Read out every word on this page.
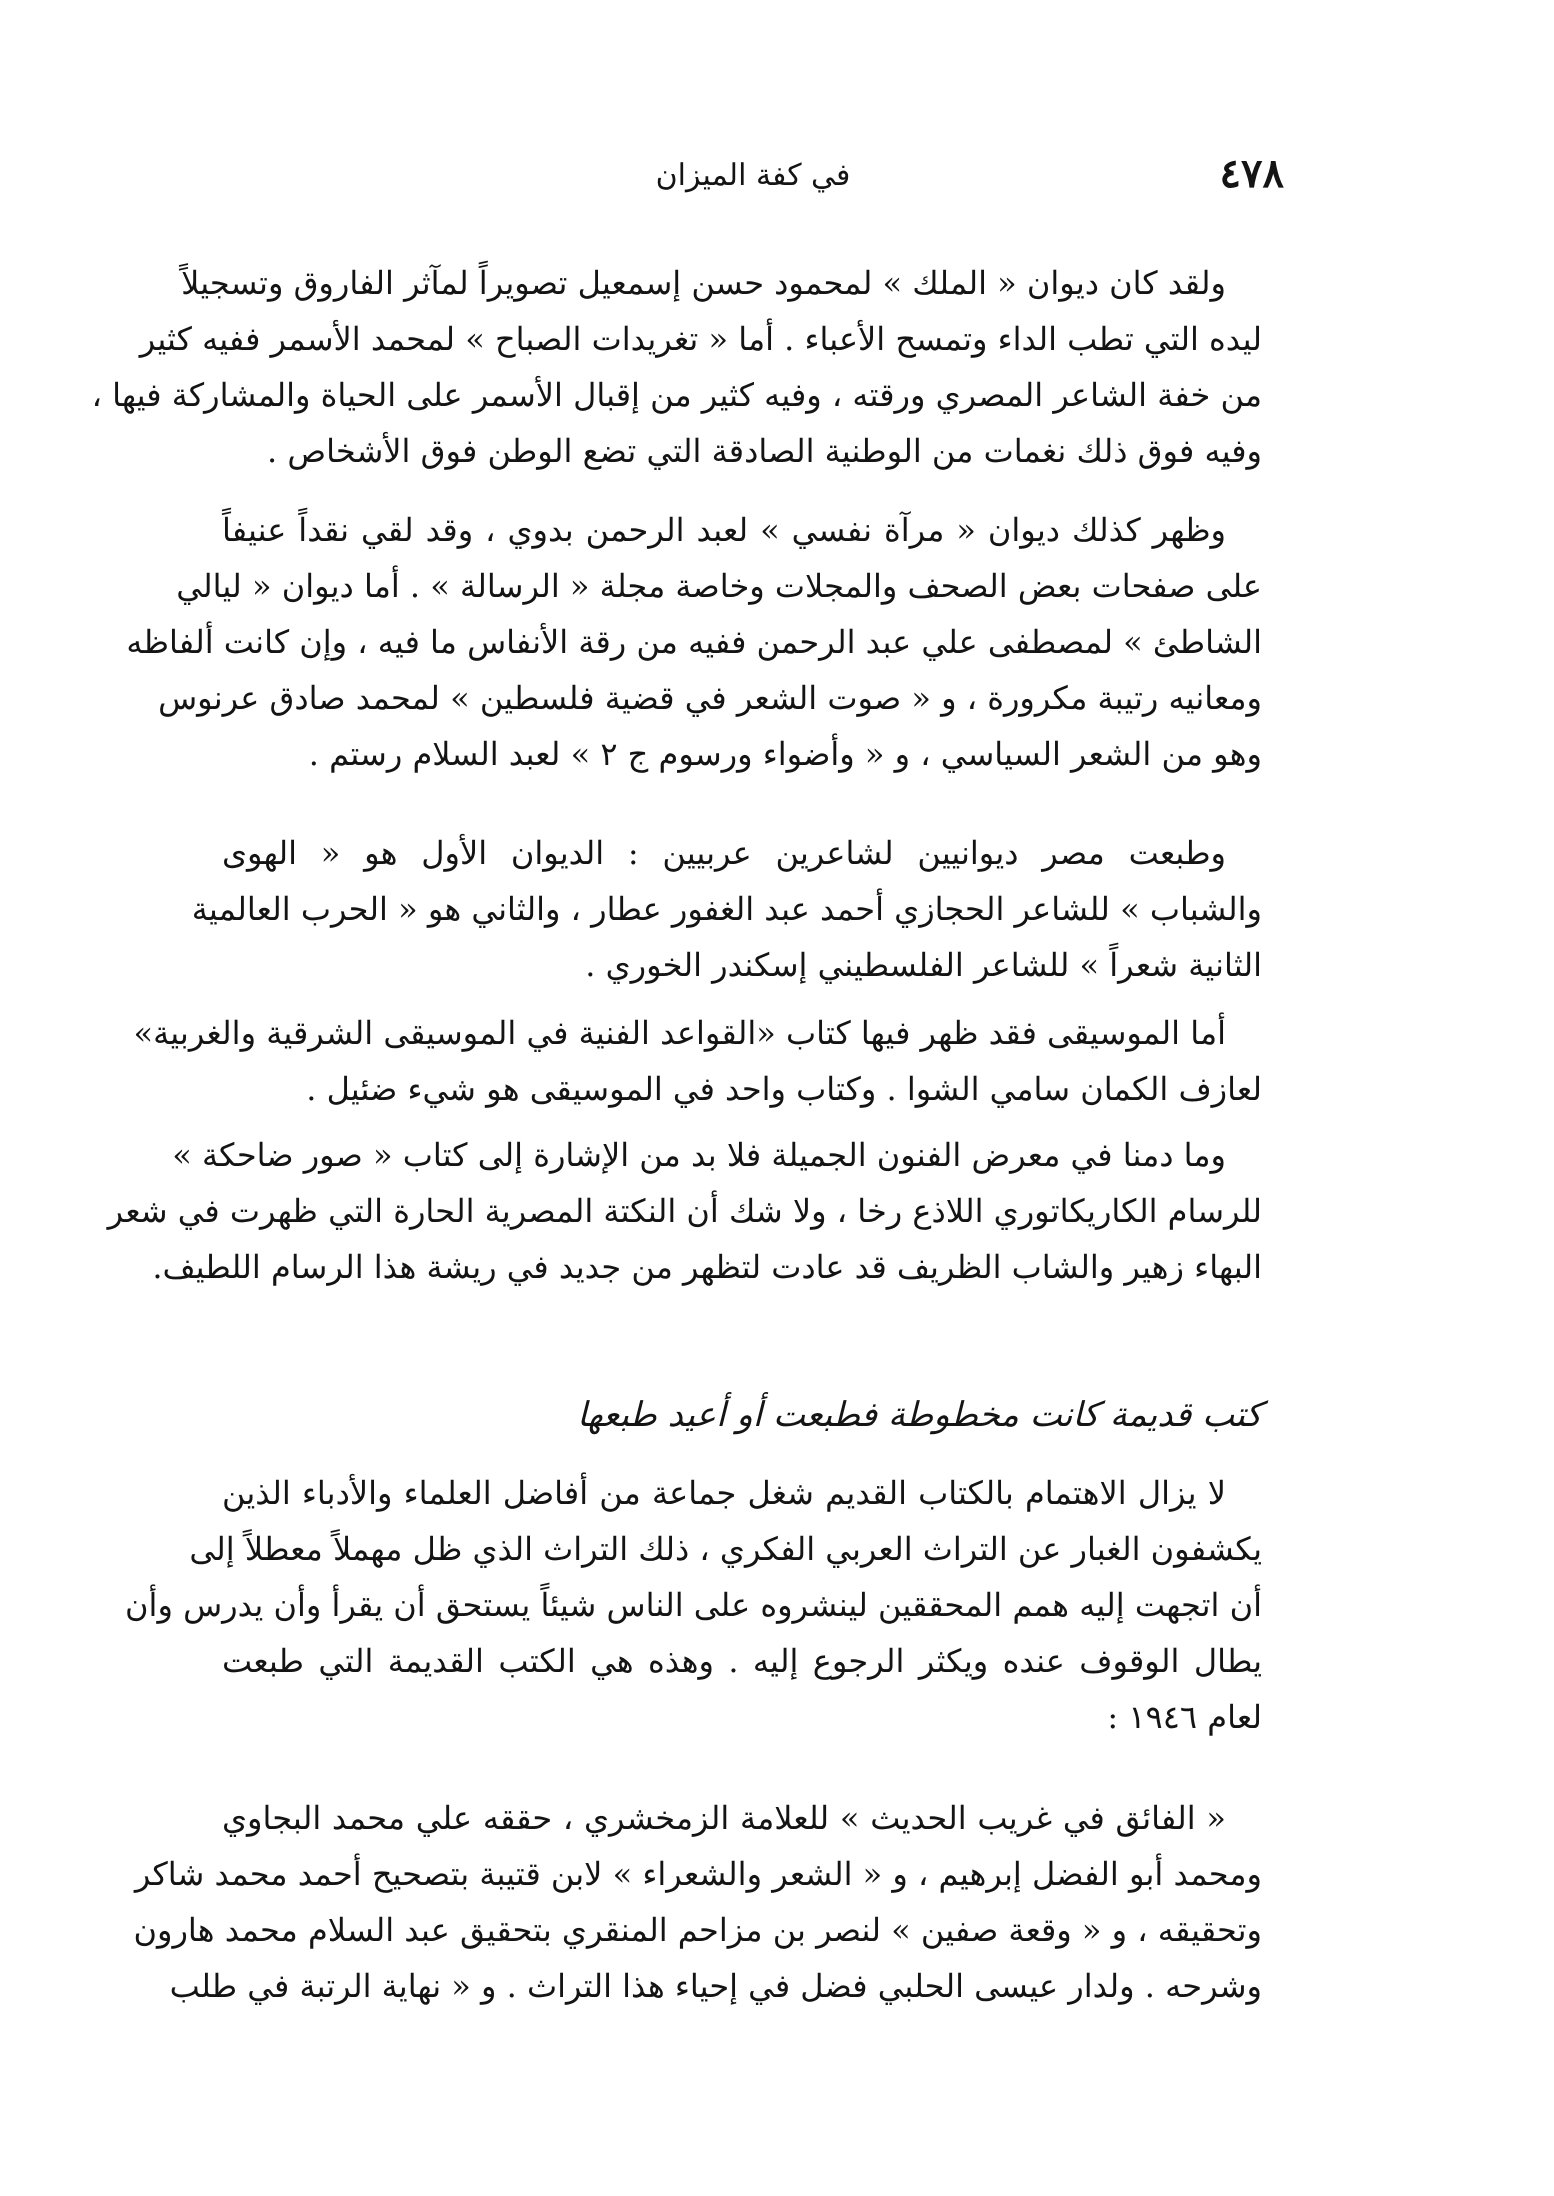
٤٧٨
في كفة الميزان
ولقد كان ديوان « الملك » لمحمود حسن إسمعيل تصويراً لمآثر الفاروق وتسجيلاً
ليده التي تطب الداء وتمسح الأعباء . أما « تغريدات الصباح » لمحمد الأسمر ففيه كثير
من خفة الشاعر المصري ورقته ، وفيه كثير من إقبال الأسمر على الحياة والمشاركة فيها ،
وفيه فوق ذلك نغمات من الوطنية الصادقة التي تضع الوطن فوق الأشخاص .
وظهر كذلك ديوان « مرآة نفسي » لعبد الرحمن بدوي ، وقد لقي نقداً عنيفاً
على صفحات بعض الصحف والمجلات وخاصة مجلة « الرسالة » . أما ديوان « ليالي
الشاطئ » لمصطفى علي عبد الرحمن ففيه من رقة الأنفاس ما فيه ، وإن كانت ألفاظه
ومعانيه رتيبة مكرورة ، و « صوت الشعر في قضية فلسطين » لمحمد صادق عرنوس
وهو من الشعر السياسي ، و « وأضواء ورسوم ج ٢ » لعبد السلام رستم .
وطبعت مصر ديوانيين لشاعرين عربيين : الديوان الأول هو « الهوى
والشباب » للشاعر الحجازي أحمد عبد الغفور عطار ، والثاني هو « الحرب العالمية
الثانية شعراً » للشاعر الفلسطيني إسكندر الخوري .
أما الموسيقى فقد ظهر فيها كتاب «القواعد الفنية في الموسيقى الشرقية والغربية»
لعازف الكمان سامي الشوا . وكتاب واحد في الموسيقى هو شيء ضئيل .
وما دمنا في معرض الفنون الجميلة فلا بد من الإشارة إلى كتاب « صور ضاحكة »
للرسام الكاريكاتوري اللاذع رخا ، ولا شك أن النكتة المصرية الحارة التي ظهرت في شعر
البهاء زهير والشاب الظريف قد عادت لتظهر من جديد في ريشة هذا الرسام اللطيف.
كتب قديمة كانت مخطوطة فطبعت أو أعيد طبعها
لا يزال الاهتمام بالكتاب القديم شغل جماعة من أفاضل العلماء والأدباء الذين
يكشفون الغبار عن التراث العربي الفكري ، ذلك التراث الذي ظل مهملاً معطلاً إلى
أن اتجهت إليه همم المحققين لينشروه على الناس شيئاً يستحق أن يقرأ وأن يدرس وأن
يطال الوقوف عنده ويكثر الرجوع إليه . وهذه هي الكتب القديمة التي طبعت
لعام ١٩٤٦ :
« الفائق في غريب الحديث » للعلامة الزمخشري ، حققه علي محمد البجاوي
ومحمد أبو الفضل إبرهيم ، و « الشعر والشعراء » لابن قتيبة بتصحيح أحمد محمد شاكر
وتحقيقه ، و « وقعة صفين » لنصر بن مزاحم المنقري بتحقيق عبد السلام محمد هارون
وشرحه . ولدار عيسى الحلبي فضل في إحياء هذا التراث . و « نهاية الرتبة في طلب
